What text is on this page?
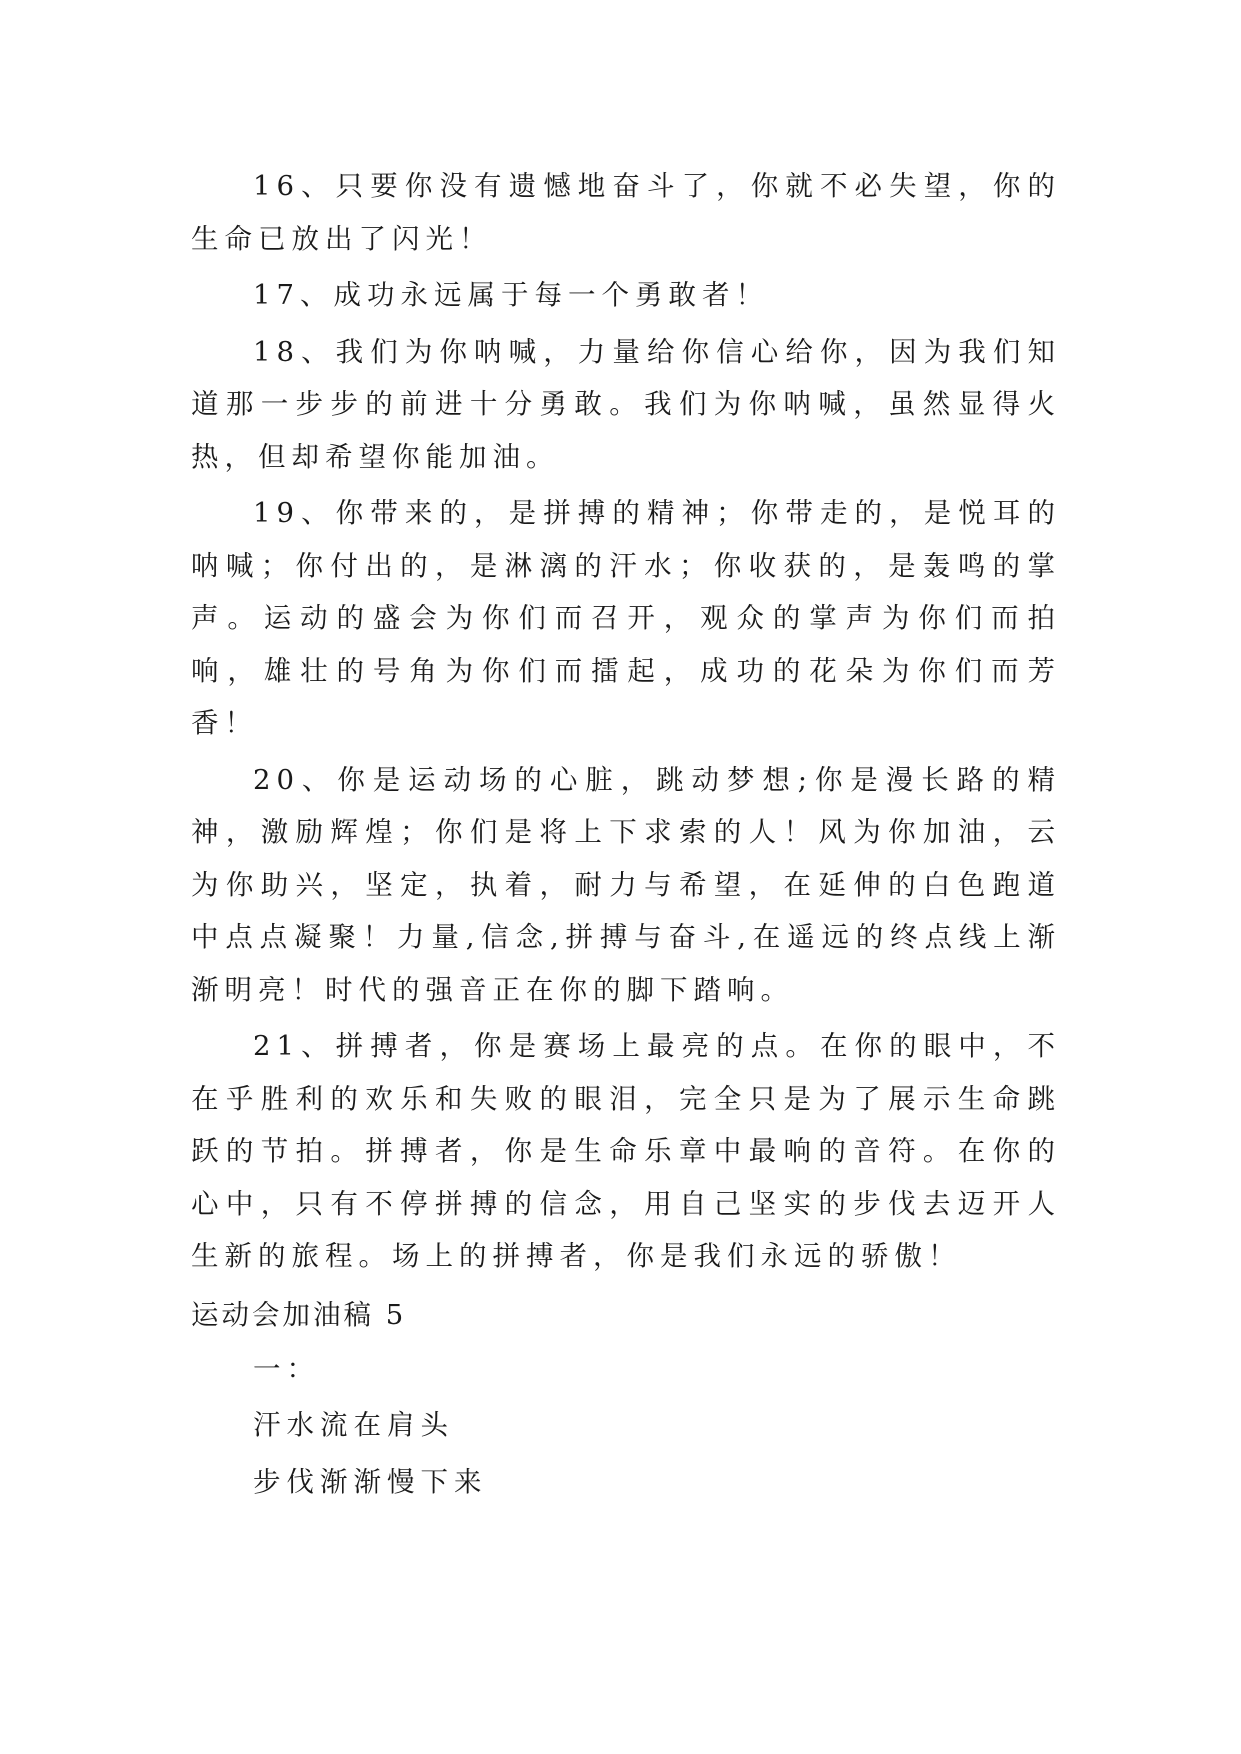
16、只要你没有遗憾地奋斗了，你就不必失望，你的生命已放出了闪光！

17、成功永远属于每一个勇敢者！

18、我们为你呐喊，力量给你信心给你，因为我们知道那一步步的前进十分勇敢。我们为你呐喊，虽然显得火热，但却希望你能加油。

19、你带来的，是拼搏的精神；你带走的，是悦耳的呐喊；你付出的，是淋漓的汗水；你收获的，是轰鸣的掌声。运动的盛会为你们而召开，观众的掌声为你们而拍响，雄壮的号角为你们而擂起，成功的花朵为你们而芳香！

20、你是运动场的心脏，跳动梦想;你是漫长路的精神，激励辉煌；你们是将上下求索的人！风为你加油，云为你助兴，坚定，执着，耐力与希望，在延伸的白色跑道中点点凝聚！力量,信念,拼搏与奋斗,在遥远的终点线上渐渐明亮！时代的强音正在你的脚下踏响。

21、拼搏者，你是赛场上最亮的点。在你的眼中，不在乎胜利的欢乐和失败的眼泪，完全只是为了展示生命跳跃的节拍。拼搏者，你是生命乐章中最响的音符。在你的心中，只有不停拼搏的信念，用自己坚实的步伐去迈开人生新的旅程。场上的拼搏者，你是我们永远的骄傲！

运动会加油稿 5

一：

汗水流在肩头

步伐渐渐慢下来
